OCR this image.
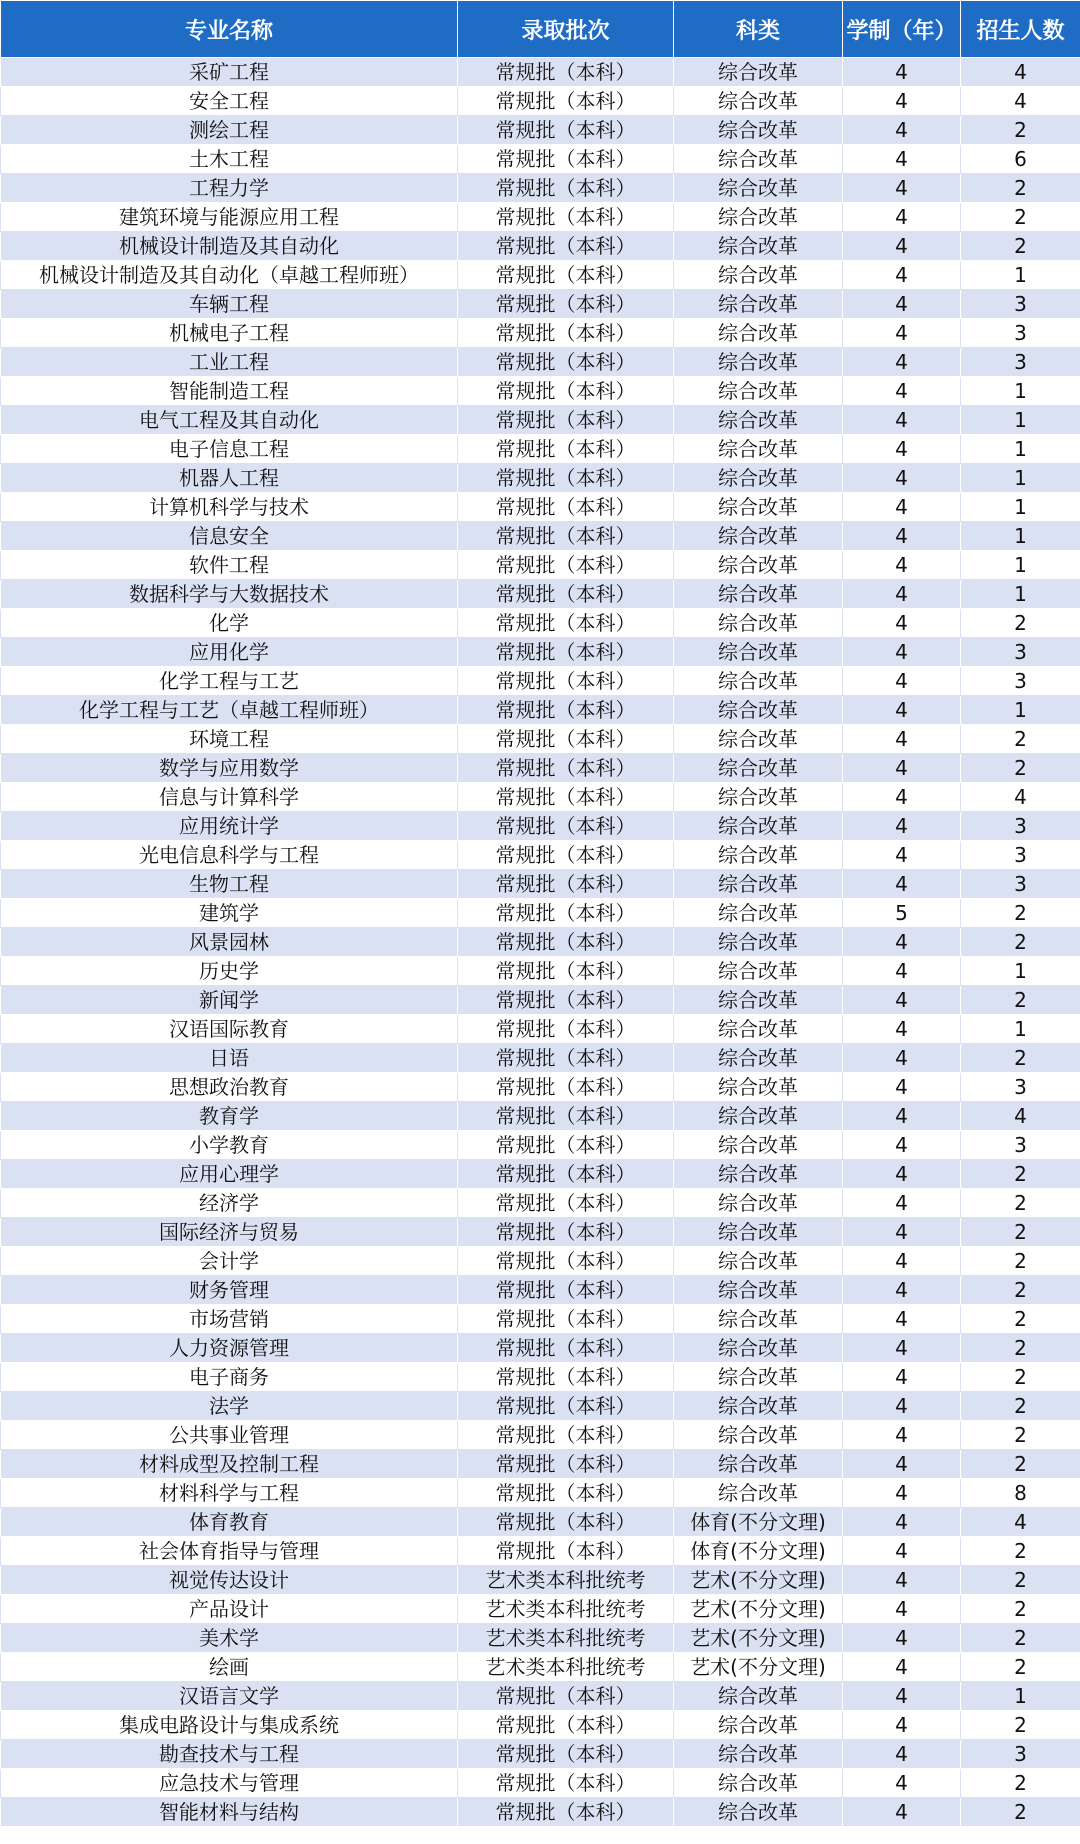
专业名称	录取批次	科类	学制（年）	招生人数
采矿工程	常规批（本科）	综合改革	4	4
安全工程	常规批（本科）	综合改革	4	4
测绘工程	常规批（本科）	综合改革	4	2
土木工程	常规批（本科）	综合改革	4	6
工程力学	常规批（本科）	综合改革	4	2
建筑环境与能源应用工程	常规批（本科）	综合改革	4	2
机械设计制造及其自动化	常规批（本科）	综合改革	4	2
机械设计制造及其自动化（卓越工程师班）	常规批（本科）	综合改革	4	1
车辆工程	常规批（本科）	综合改革	4	3
机械电子工程	常规批（本科）	综合改革	4	3
工业工程	常规批（本科）	综合改革	4	3
智能制造工程	常规批（本科）	综合改革	4	1
电气工程及其自动化	常规批（本科）	综合改革	4	1
电子信息工程	常规批（本科）	综合改革	4	1
机器人工程	常规批（本科）	综合改革	4	1
计算机科学与技术	常规批（本科）	综合改革	4	1
信息安全	常规批（本科）	综合改革	4	1
软件工程	常规批（本科）	综合改革	4	1
数据科学与大数据技术	常规批（本科）	综合改革	4	1
化学	常规批（本科）	综合改革	4	2
应用化学	常规批（本科）	综合改革	4	3
化学工程与工艺	常规批（本科）	综合改革	4	3
化学工程与工艺（卓越工程师班）	常规批（本科）	综合改革	4	1
环境工程	常规批（本科）	综合改革	4	2
数学与应用数学	常规批（本科）	综合改革	4	2
信息与计算科学	常规批（本科）	综合改革	4	4
应用统计学	常规批（本科）	综合改革	4	3
光电信息科学与工程	常规批（本科）	综合改革	4	3
生物工程	常规批（本科）	综合改革	4	3
建筑学	常规批（本科）	综合改革	5	2
风景园林	常规批（本科）	综合改革	4	2
历史学	常规批（本科）	综合改革	4	1
新闻学	常规批（本科）	综合改革	4	2
汉语国际教育	常规批（本科）	综合改革	4	1
日语	常规批（本科）	综合改革	4	2
思想政治教育	常规批（本科）	综合改革	4	3
教育学	常规批（本科）	综合改革	4	4
小学教育	常规批（本科）	综合改革	4	3
应用心理学	常规批（本科）	综合改革	4	2
经济学	常规批（本科）	综合改革	4	2
国际经济与贸易	常规批（本科）	综合改革	4	2
会计学	常规批（本科）	综合改革	4	2
财务管理	常规批（本科）	综合改革	4	2
市场营销	常规批（本科）	综合改革	4	2
人力资源管理	常规批（本科）	综合改革	4	2
电子商务	常规批（本科）	综合改革	4	2
法学	常规批（本科）	综合改革	4	2
公共事业管理	常规批（本科）	综合改革	4	2
材料成型及控制工程	常规批（本科）	综合改革	4	2
材料科学与工程	常规批（本科）	综合改革	4	8
体育教育	常规批（本科）	体育(不分文理)	4	4
社会体育指导与管理	常规批（本科）	体育(不分文理)	4	2
视觉传达设计	艺术类本科批统考	艺术(不分文理)	4	2
产品设计	艺术类本科批统考	艺术(不分文理)	4	2
美术学	艺术类本科批统考	艺术(不分文理)	4	2
绘画	艺术类本科批统考	艺术(不分文理)	4	2
汉语言文学	常规批（本科）	综合改革	4	1
集成电路设计与集成系统	常规批（本科）	综合改革	4	2
勘查技术与工程	常规批（本科）	综合改革	4	3
应急技术与管理	常规批（本科）	综合改革	4	2
智能材料与结构	常规批（本科）	综合改革	4	2
